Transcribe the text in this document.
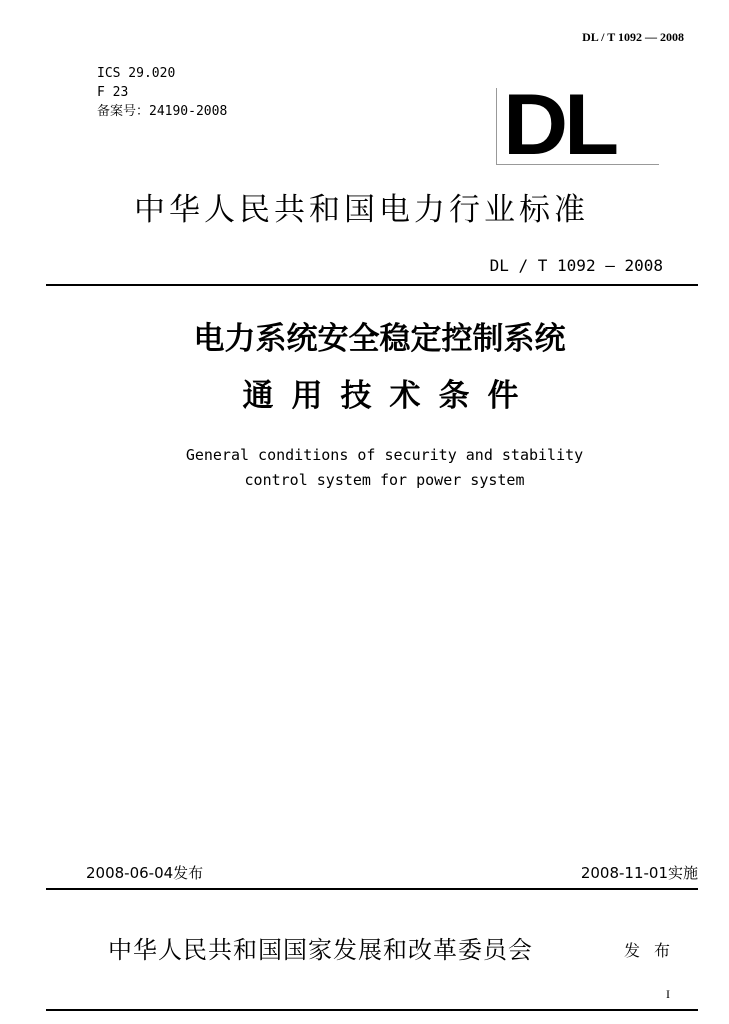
DL / T 1092 — 2008
ICS 29.020
F 23
备案号：24190-2008	DL
中华人民共和国电力行业标准
DL / T 1092 — 2008
电力系统安全稳定控制系统
通用技术条件
General conditions of security and stability
control system for power system
2008-06-04发布	2008-11-01实施
中华人民共和国国家发展和改革委员会	发布
I
